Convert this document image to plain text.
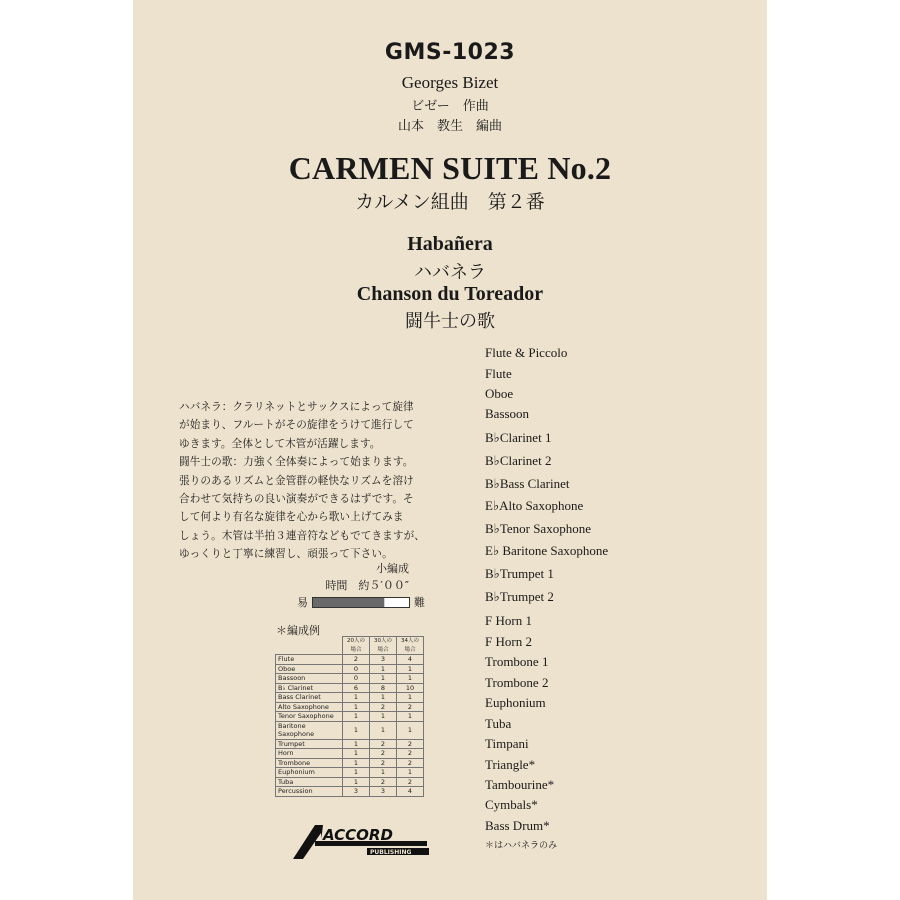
GMS-1023
Georges Bizet
ビゼー　作曲
山本　教生　編曲
CARMEN SUITE No.2
カルメン組曲　第２番
Habañera
ハバネラ
Chanson du Toreador
闘牛士の歌

ハバネラ：クラリネットとサックスによって旋律

が始まり、フルートがその旋律をうけて進行して

ゆきます。全体として木管が活躍します。

闘牛士の歌：力強く全体奏によって始まります。

張りのあるリズムと金管群の軽快なリズムを溶け

合わせて気持ちの良い演奏ができるはずです。そ

して何より有名な旋律を心から歌い上げてみま

しょう。木管は半拍３連音符などもでてきますが、

ゆっくりと丁寧に練習し、頑張って下さい。

小編成
時間　約５′００″
易	難
＊編成例
	20人の場合	30人の場合	34人の場合
Flute	2	3	4
Oboe	0	1	1
Bassoon	0	1	1
B♭ Clarinet	6	8	10
Bass Clarinet	1	1	1
Alto Saxophone	1	2	2
Tenor Saxophone	1	1	1
Baritone Saxophone	1	1	1
Trumpet	1	2	2
Horn	1	2	2
Trombone	1	2	2
Euphonium	1	1	1
Tuba	1	2	2
Percussion	3	3	4
Flute & Piccolo
Flute
Oboe
Bassoon
B♭Clarinet 1
B♭Clarinet 2
B♭Bass Clarinet
E♭Alto Saxophone
B♭Tenor Saxophone
E♭ Baritone Saxophone
B♭Trumpet 1
B♭Trumpet 2
F Horn 1
F Horn 2
Trombone 1
Trombone 2
Euphonium
Tuba
Timpani
Triangle*
Tambourine*
Cymbals*
Bass Drum*
＊はハバネラのみ
ACCORD
PUBLISHING
